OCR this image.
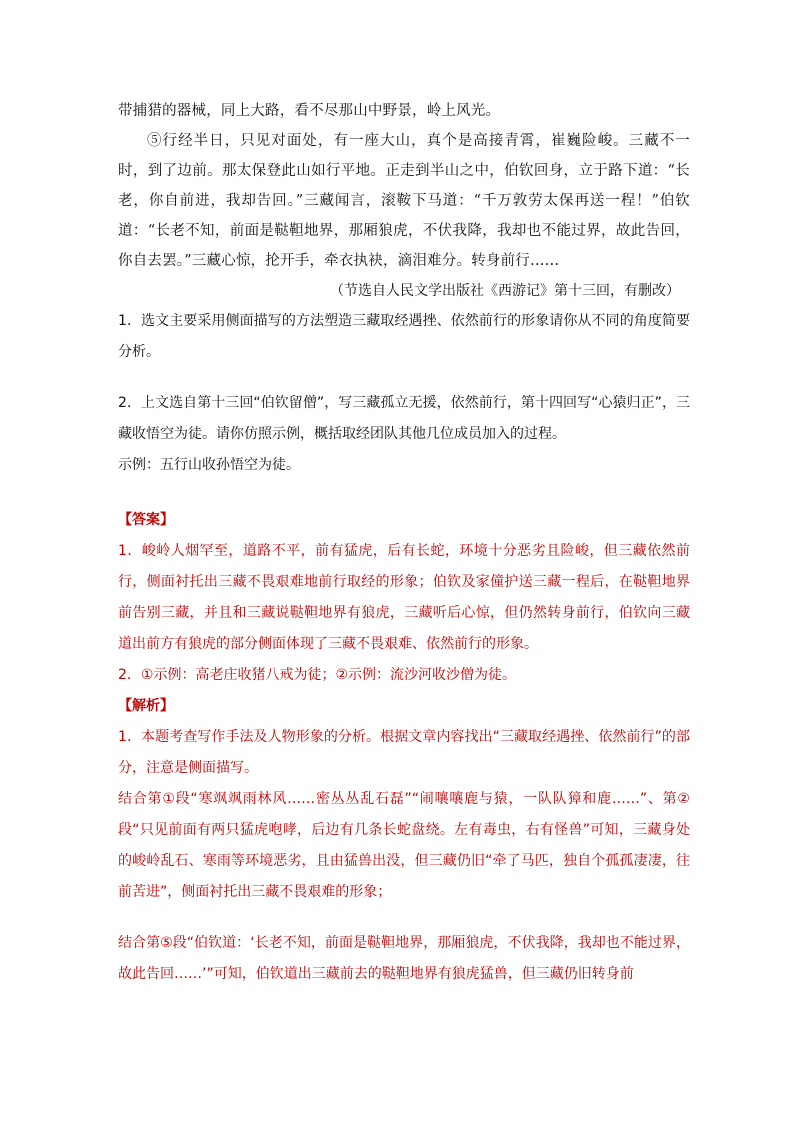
带捕猎的器械，同上大路，看不尽那山中野景，岭上风光。

⑤行经半日，只见对面处，有一座大山，真个是高接青霄，崔巍险峻。三藏不一时，到了边前。那太保登此山如行平地。正走到半山之中，伯钦回身，立于路下道：“长老，你自前进，我却告回。”三藏闻言，滚鞍下马道：“千万敦劳太保再送一程！”伯钦道：“长老不知，前面是鞑靼地界，那厢狼虎，不伏我降，我却也不能过界，故此告回，你自去罢。”三藏心惊，抡开手，牵衣执袂，滴泪难分。转身前行……

（节选自人民文学出版社《西游记》第十三回，有删改）

1．选文主要采用侧面描写的方法塑造三藏取经遇挫、依然前行的形象请你从不同的角度简要分析。

2．上文选自第十三回“伯钦留僧”，写三藏孤立无援，依然前行，第十四回写“心猿归正”，三藏收悟空为徒。请你仿照示例，概括取经团队其他几位成员加入的过程。

示例：五行山收孙悟空为徒。

【答案】

1．峻岭人烟罕至，道路不平，前有猛虎，后有长蛇，环境十分恶劣且险峻，但三藏依然前行，侧面衬托出三藏不畏艰难地前行取经的形象；伯钦及家僮护送三藏一程后，在鞑靼地界前告别三藏，并且和三藏说鞑靼地界有狼虎，三藏听后心惊，但仍然转身前行，伯钦向三藏道出前方有狼虎的部分侧面体现了三藏不畏艰难、依然前行的形象。

2．①示例：高老庄收猪八戒为徒；②示例：流沙河收沙僧为徒。

【解析】

1．本题考查写作手法及人物形象的分析。根据文章内容找出“三藏取经遇挫、依然前行”的部分，注意是侧面描写。

结合第①段“寒飒飒雨林风……密丛丛乱石磊”“闹嚷嚷鹿与猿，一队队獐和鹿……”、第②段“只见前面有两只猛虎咆哮，后边有几条长蛇盘绕。左有毒虫，右有怪兽”可知，三藏身处的峻岭乱石、寒雨等环境恶劣，且由猛兽出没，但三藏仍旧“牵了马匹，独自个孤孤凄凄，往前苦进”，侧面衬托出三藏不畏艰难的形象；

结合第⑤段“伯钦道：‘长老不知，前面是鞑靼地界，那厢狼虎，不伏我降，我却也不能过界，故此告回……’”可知，伯钦道出三藏前去的鞑靼地界有狼虎猛兽，但三藏仍旧转身前
